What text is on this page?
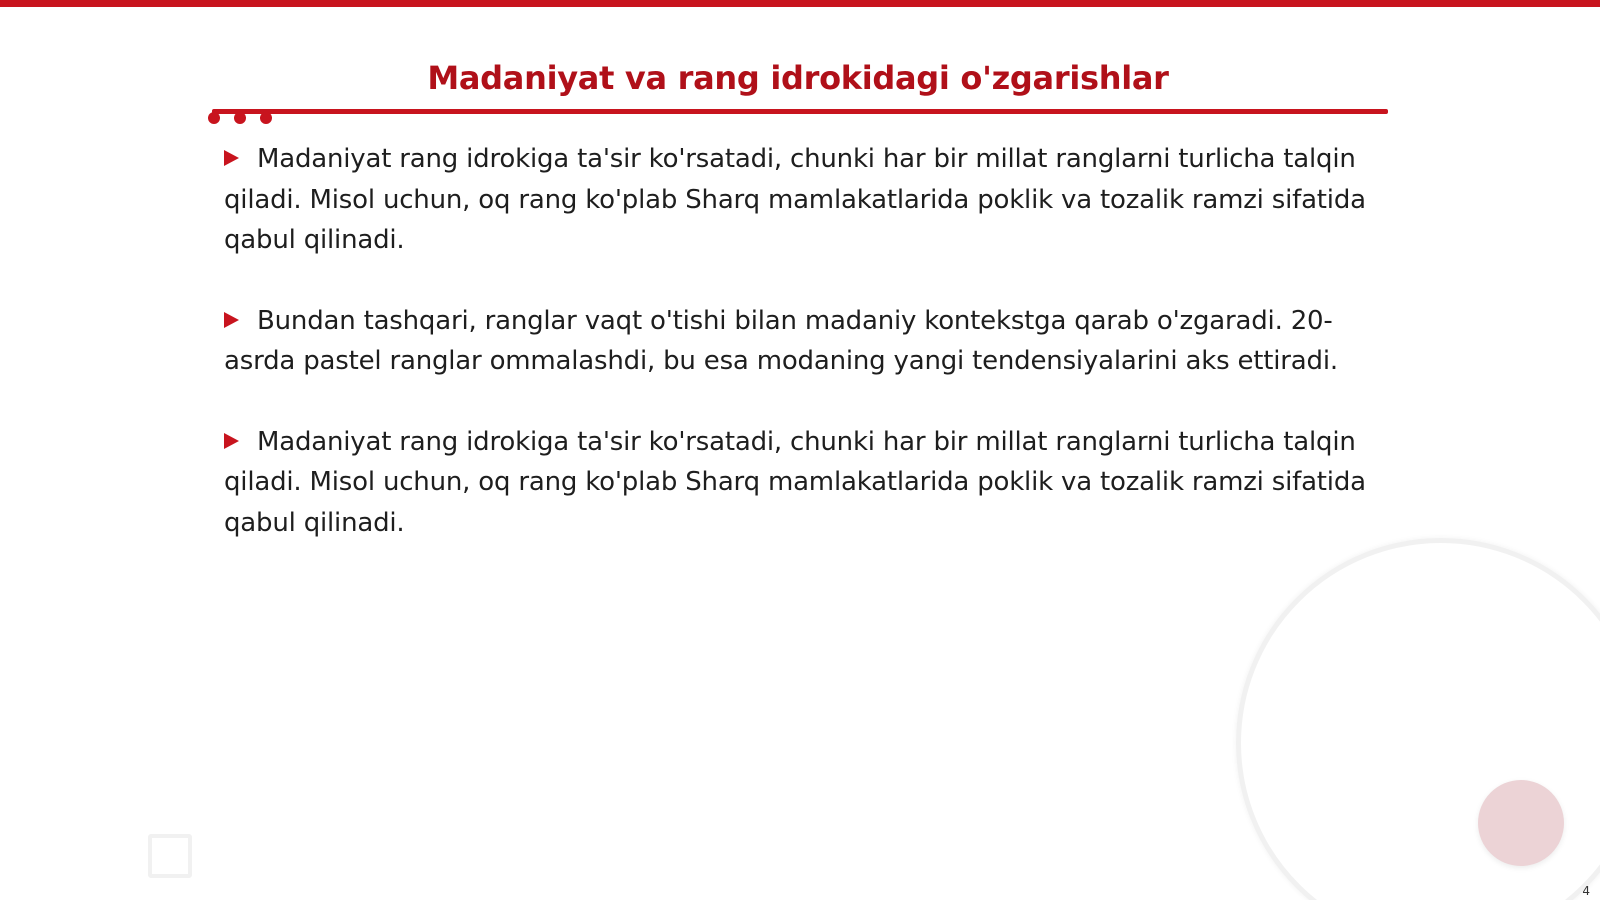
Madaniyat va rang idrokidagi o'zgarishlar

Madaniyat rang idrokiga ta'sir ko'rsatadi, chunki har bir millat ranglarni turlicha talqin qiladi. Misol uchun, oq rang ko'plab Sharq mamlakatlarida poklik va tozalik ramzi sifatida qabul qilinadi.

Bundan tashqari, ranglar vaqt o'tishi bilan madaniy kontekstga qarab o'zgaradi. 20-asrda pastel ranglar ommalashdi, bu esa modaning yangi tendensiyalarini aks ettiradi.

Madaniyat rang idrokiga ta'sir ko'rsatadi, chunki har bir millat ranglarni turlicha talqin qiladi. Misol uchun, oq rang ko'plab Sharq mamlakatlarida poklik va tozalik ramzi sifatida qabul qilinadi.

4
